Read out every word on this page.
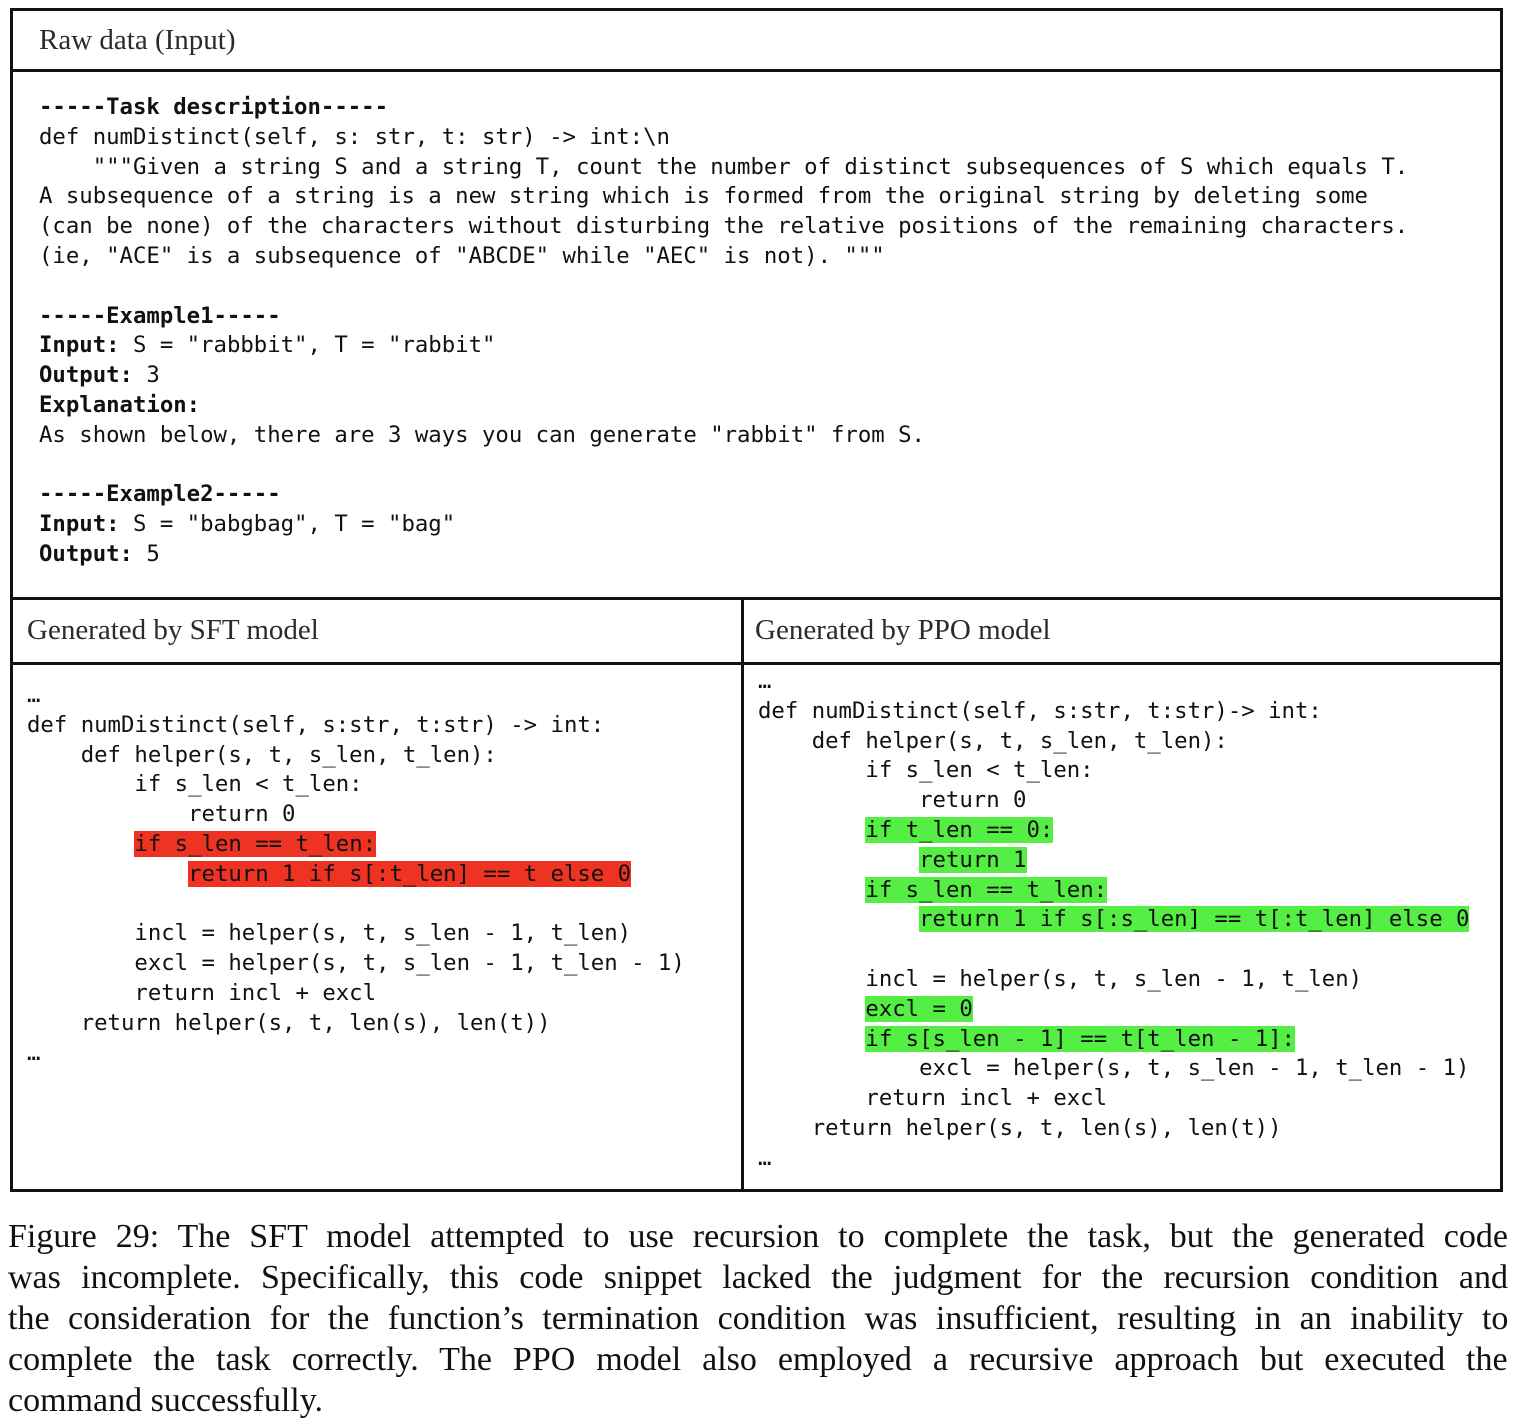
Raw data (Input)
Generated by SFT model	Generated by PPO model
-----Task description-----
def numDistinct(self, s: str, t: str) -> int:\n
"""Given a string S and a string T, count the number of distinct subsequences of S which equals T.
A subsequence of a string is a new string which is formed from the original string by deleting some
(can be none) of the characters without disturbing the relative positions of the remaining characters.
(ie, "ACE" is a subsequence of "ABCDE" while "AEC" is not). """
-----Example1-----
Input: S = "rabbbit", T = "rabbit"
Output: 3
Explanation:
As shown below, there are 3 ways you can generate "rabbit" from S.
-----Example2-----
Input: S = "babgbag", T = "bag"
Output: 5
…
def numDistinct(self, s:str, t:str) -> int:
def helper(s, t, s_len, t_len):
if s_len < t_len:
return 0
if s_len == t_len:
return 1 if s[:t_len] == t else 0
incl = helper(s, t, s_len - 1, t_len)
excl = helper(s, t, s_len - 1, t_len - 1)
return incl + excl
return helper(s, t, len(s), len(t))
…
…
def numDistinct(self, s:str, t:str)-> int:
def helper(s, t, s_len, t_len):
if s_len < t_len:
return 0
if t_len == 0:
return 1
if s_len == t_len:
return 1 if s[:s_len] == t[:t_len] else 0
incl = helper(s, t, s_len - 1, t_len)
excl = 0
if s[s_len - 1] == t[t_len - 1]:
excl = helper(s, t, s_len - 1, t_len - 1)
return incl + excl
return helper(s, t, len(s), len(t))
…
Figure 29: The SFT model attempted to use recursion to complete the task, but the generated code
was incomplete. Specifically, this code snippet lacked the judgment for the recursion condition and
the consideration for the function’s termination condition was insufficient, resulting in an inability to
complete the task correctly. The PPO model also employed a recursive approach but executed the
command successfully.
